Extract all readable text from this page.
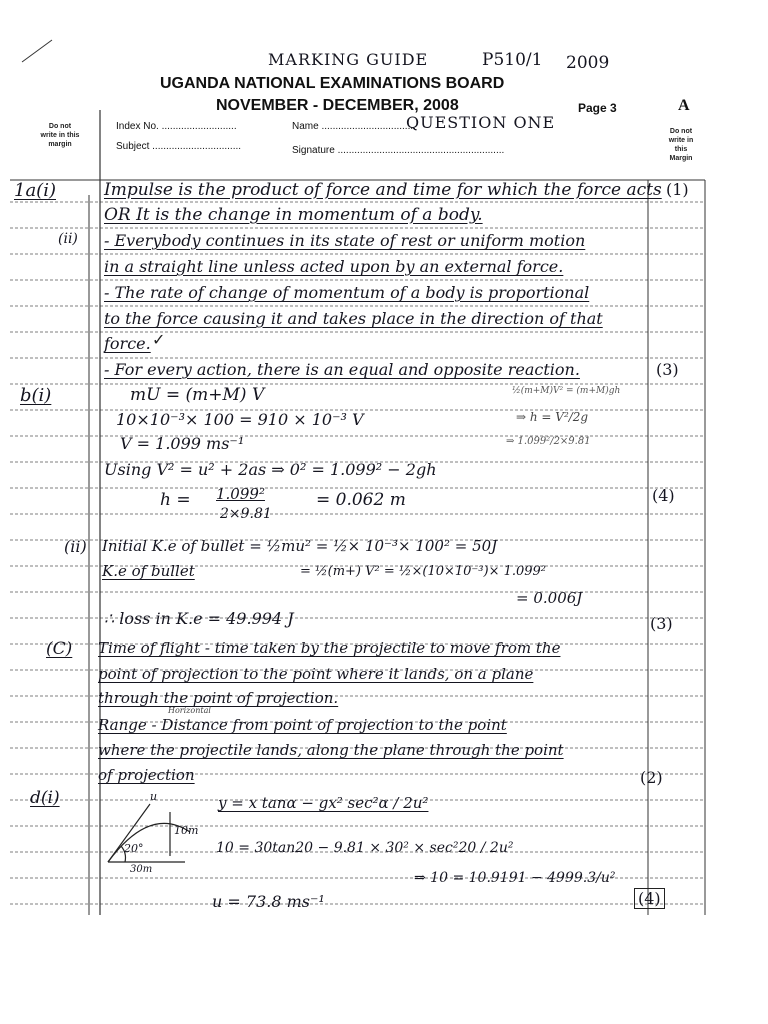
MARKING GUIDE	P510/1 2009
UGANDA NATIONAL EXAMINATIONS BOARD
NOVEMBER - DECEMBER, 2008	Page 3	A
Do not write in this margin
Do not write in this Margin
Index No. ...........................	Name ..................................
QUESTION ONE
Subject ................................	Signature ............................................................
1a(i)	Impulse is the product of force and time for which the force acts (1)
OR It is the change in momentum of a body.
(ii) - Everybody continues in its state of rest or uniform motion
in a straight line unless acted upon by an external force.
- The rate of change of momentum of a body is proportional
to the force causing it and takes place in the direction of that
force. ✓
- For every action, there is an equal and opposite reaction.	(3)
b(i)	mU = (m+M) V	½(m+M)V² = (m+M)gh
10×10⁻³× 100 = 910 × 10⁻³ V	⇒ h = V²/2g
V = 1.099 ms⁻¹	⇒ 1.099²/2×9.81
Using V² = u² + 2as ⇒ 0² = 1.099² − 2gh
h = 1.099²
2×9.81
= 0.062 m	(4)
(ii) Initial K.e of bullet = ½mu² = ½× 10⁻³× 100² = 50J
K.e of bullet	= ½(m+) V² = ½×(10×10⁻³)× 1.099²
= 0.006J
∴ loss in K.e = 49.994 J	(3)
(C) Time of flight - time taken by the projectile to move from the
point of projection to the point where it lands, on a plane
through the point of projection.
Horizontal
Range - Distance from point of projection to the point
where the projectile lands, along the plane through the point
of projection	(2)
d(i)	u
10m
20°
30m
y = x tanα − gx² sec²α / 2u²
10 = 30tan20 − 9.81 × 30² × sec²20 / 2u²
⇒ 10 = 10.9191 − 4999.3/u²
u = 73.8 ms⁻¹	(4)
